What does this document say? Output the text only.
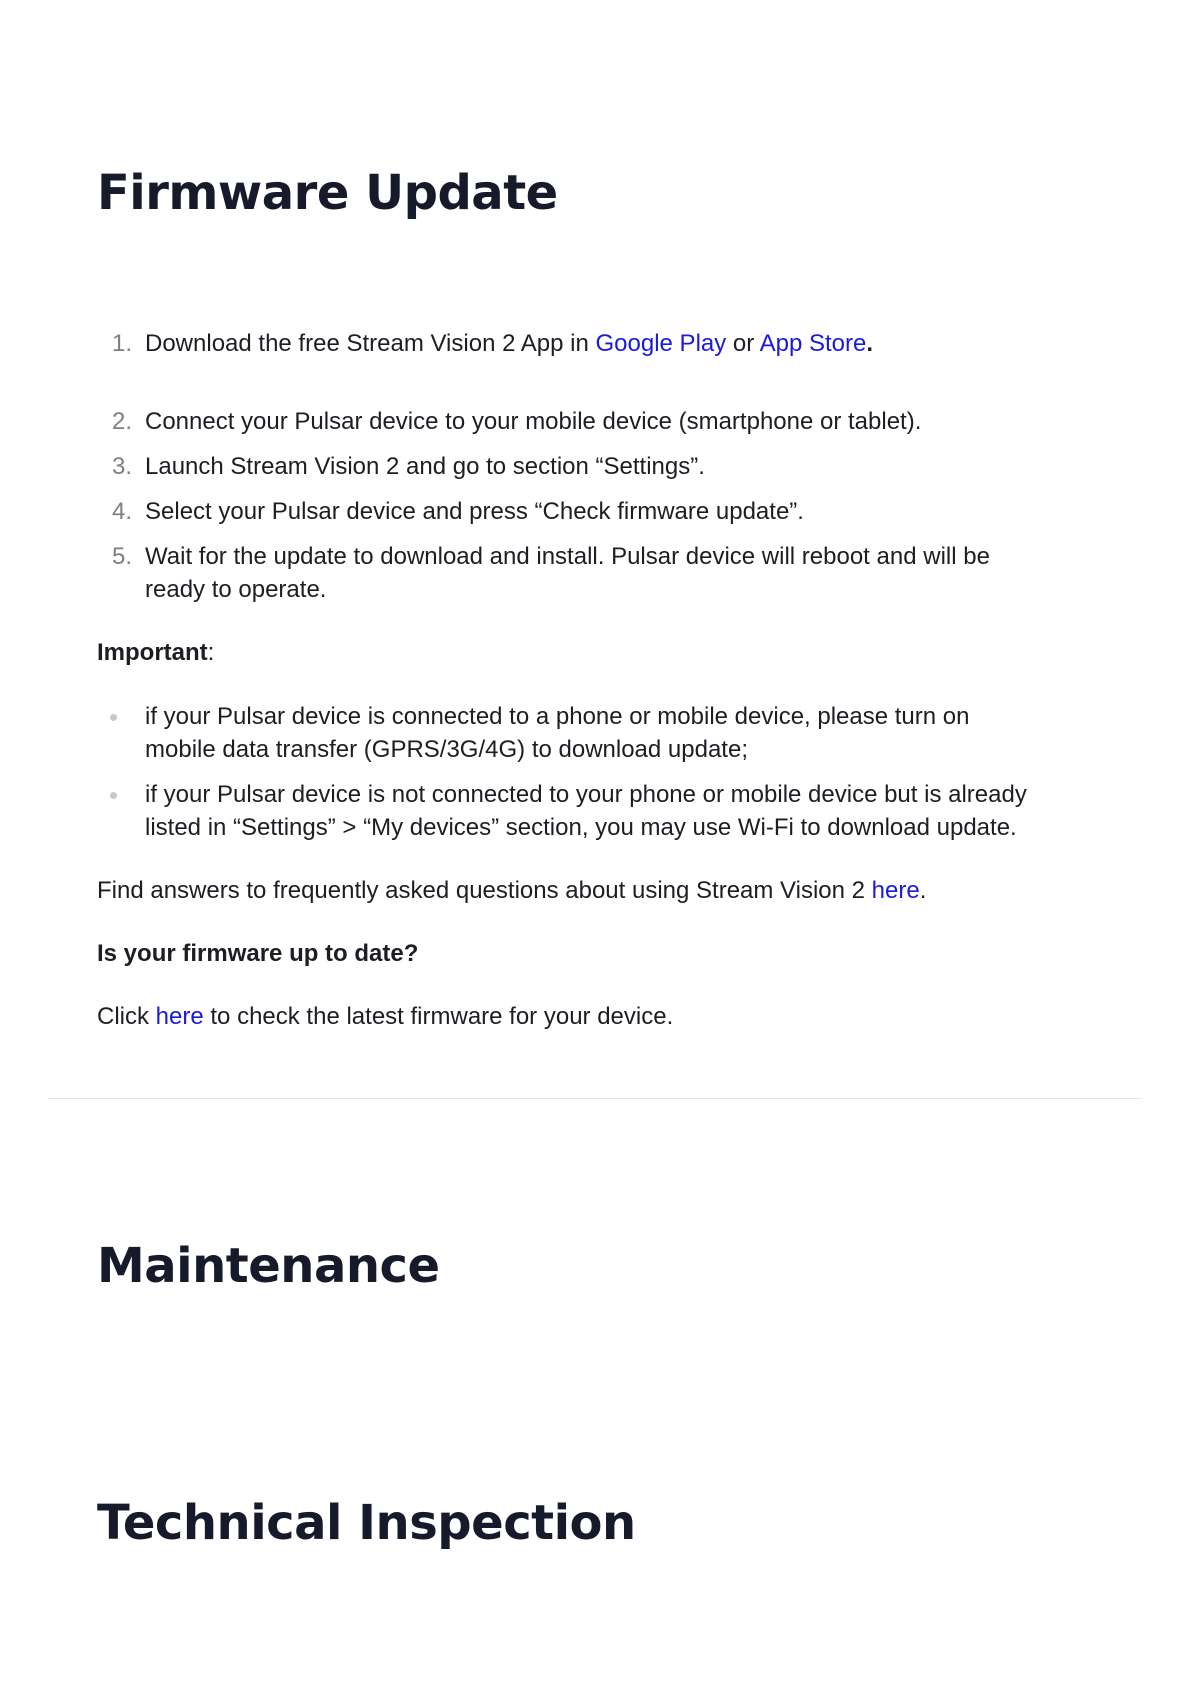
Firmware Update
1. Download the free Stream Vision 2 App in Google Play or App Store.
2. Connect your Pulsar device to your mobile device (smartphone or tablet).
3. Launch Stream Vision 2 and go to section “Settings”.
4. Select your Pulsar device and press “Check firmware update”.
5. Wait for the update to download and install. Pulsar device will reboot and will be
ready to operate.
Important:
if your Pulsar device is connected to a phone or mobile device, please turn on
mobile data transfer (GPRS/3G/4G) to download update;
if your Pulsar device is not connected to your phone or mobile device but is already
listed in “Settings” > “My devices” section, you may use Wi-Fi to download update.
Find answers to frequently asked questions about using Stream Vision 2 here.
Is your firmware up to date?
Click here to check the latest firmware for your device.
Maintenance
Technical Inspection
